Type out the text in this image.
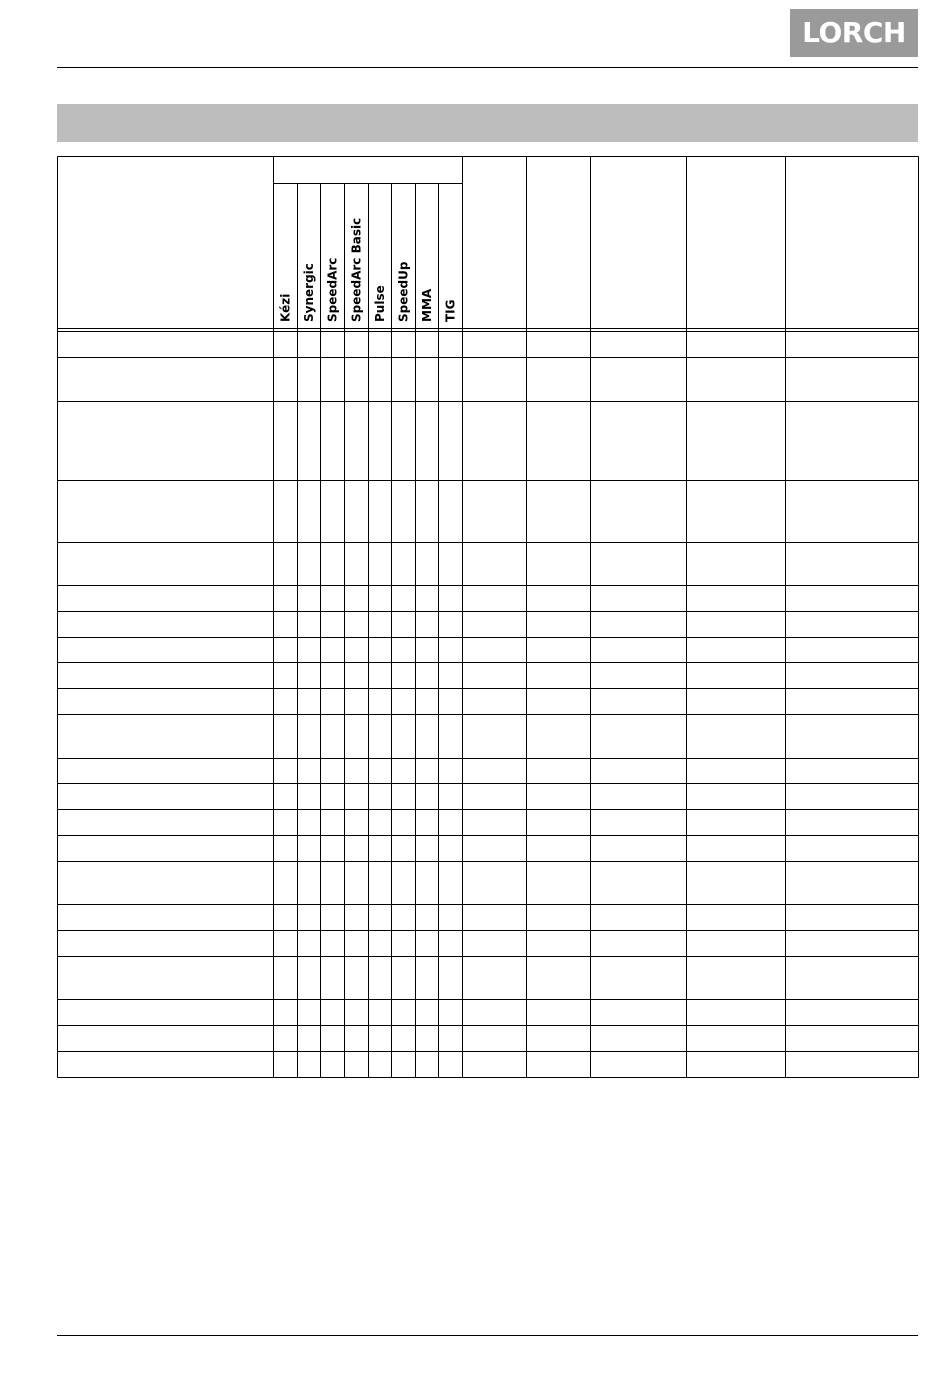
LORCH
Kézi Synergic SpeedArc SpeedArc Basic Pulse SpeedUp MMA TIG
